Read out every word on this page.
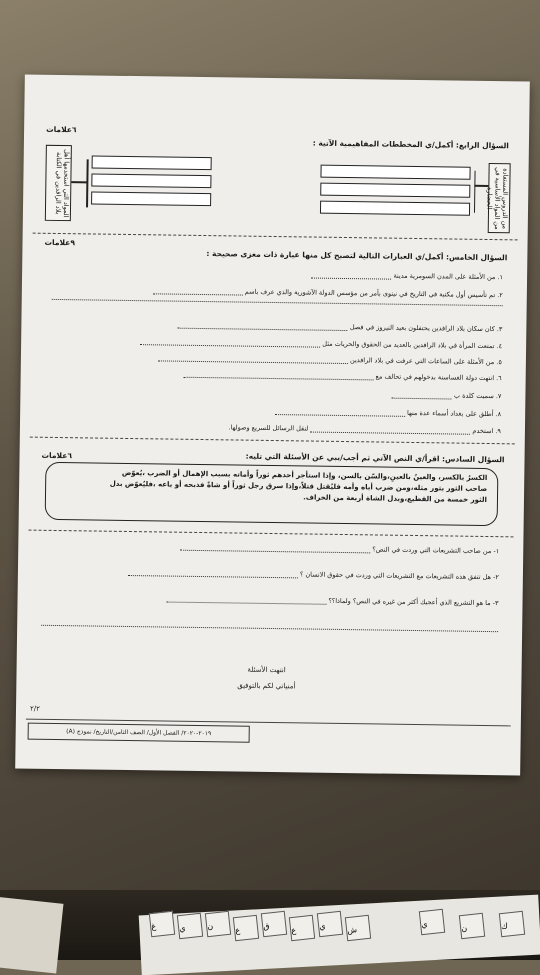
غ	ي	ن	ع	ق	ع	ي	ش
ي	ن	ك
السؤال الرابع: أكمل/ي المخططات المفاهيمية الآتية :
٦علامات
من الدروس المستفادة من المواد الأساسية في الحضارة
المواد التي استخدمها أهل بلاد الرافدين في الكتابة
السؤال الخامس: أكمل/ي العبارات التالية لتصبح كل منها عبارة ذات مغزى صحيحة :
٩علامات
١. من الأمثلة على المدن السومرية مدينة
٢. تم تأسيس أول مكتبة في التاريخ في نينوى بأمر من مؤسس الدولة الآشورية والذي عرف باسم
٣. كان سكان بلاد الرافدين يحتفلون بعيد النيروز في فصل
٤. تمتعت المرأة في بلاد الرافدين بالعديد من الحقوق والحريات مثل
٥. من الأمثلة على الساعات التي عرفت في بلاد الرافدين
٦. انتهت دولة الغساسنة بدخولهم في تحالف مع
٧. سميت كلدة ب
٨. أطلق على بغداد أسماء عدة منها
٩. استخدم  لنقل الرسائل للسريع وصولها.
السؤال السادس: اقرأ/ي النص الآتي ثم أجب/يبي عن الأسئلة التي تليه:
٦علامات
الكسرُ بالكسر، والعينُ بالعينِ،والسّن بالسن، وإذا استأجر أحدهم ثوراً وأماته بسبب الإهمال أو الضرب ،يُعوّض
صاحب الثور بثور مثله،ومن ضرب أباه وأمه فليُقتل قتلاً،وإذا سرق رجل ثوراً أو شاةً فذبحه أو باعه ،فليُعوّض بدل
الثور خمسة من القطيع،وبدل الشاة أربعة من الخراف.
١- من صاحب التشريعات التي وردت في النص؟
٢- هل تتفق هذه التشريعات مع التشريعات التي وردت في حقوق الانسان ؟
٣- ما هو التشريع الذي أعجبك أكثر من غيره في النص؟ ولماذا؟؟
انتهت الأسئلة
أمنياتي لكم بالتوفيق
٢/٢
٢٠١٩-٢٠٢٠/ الفصل الأول/ الصف الثامن/التاريخ/ نموذج (A)
